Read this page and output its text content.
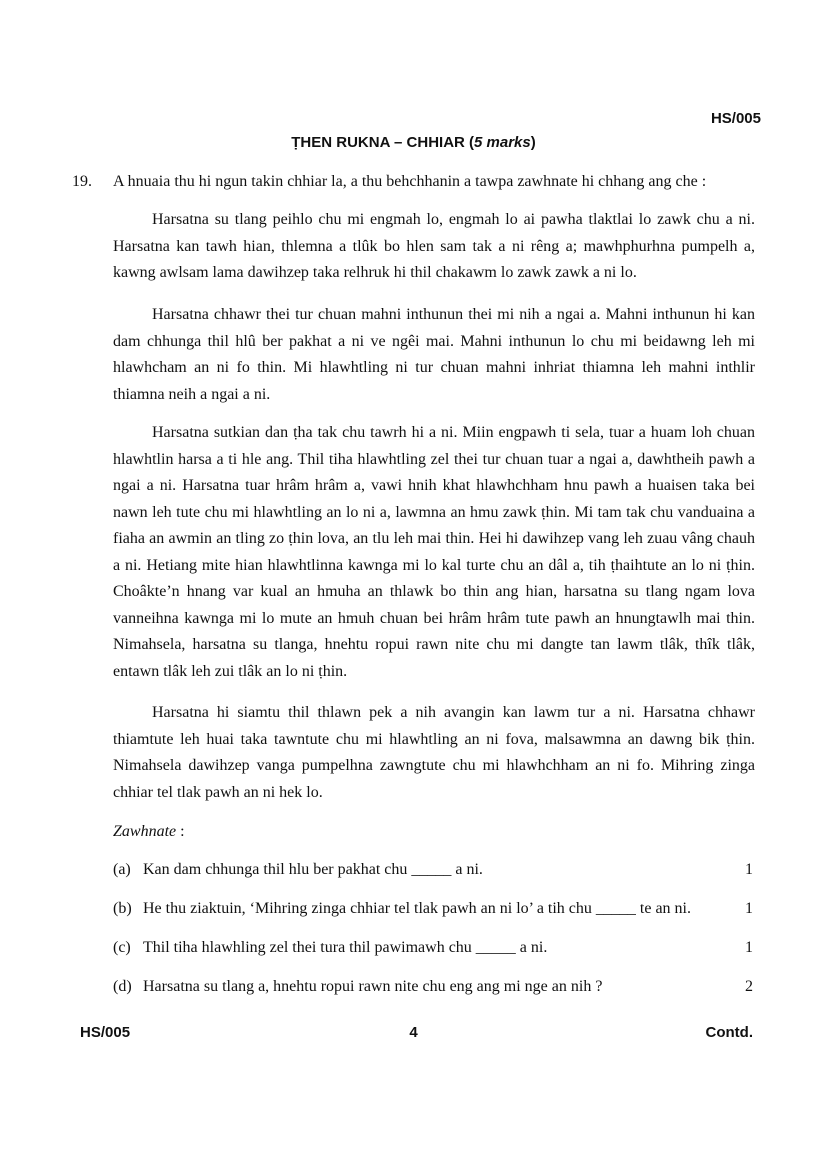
HS/005
ṬHEN RUKNA – CHHIAR (5 marks)
19. A hnuaia thu hi ngun takin chhiar la, a thu behchhanin a tawpa zawhnate hi chhang ang che :

Harsatna su tlang peihlo chu mi engmah lo, engmah lo ai pawha tlaktlai lo zawk chu a ni. Harsatna kan tawh hian, thlemna a tlûk bo hlen sam tak a ni rêng a; mawhphurhna pumpelh a, kawng awlsam lama dawihzep taka relhruk hi thil chakawm lo zawk zawk a ni lo.

Harsatna chhawr thei tur chuan mahni inthunun thei mi nih a ngai a. Mahni inthunun hi kan dam chhunga thil hlû ber pakhat a ni ve ngêi mai. Mahni inthunun lo chu mi beidawng leh mi hlawhcham an ni fo thin. Mi hlawhtling ni tur chuan mahni inhriat thiamna leh mahni inthlir thiamna neih a ngai a ni.

Harsatna sutkian dan ṭha tak chu tawrh hi a ni. Miin engpawh ti sela, tuar a huam loh chuan hlawhtlin harsa a ti hle ang. Thil tiha hlawhtling zel thei tur chuan tuar a ngai a, dawhtheih pawh a ngai a ni. Harsatna tuar hrâm hrâm a, vawi hnih khat hlawhchham hnu pawh a huaisen taka bei nawn leh tute chu mi hlawhtling an lo ni a, lawmna an hmu zawk ṭhin. Mi tam tak chu vanduaina a fiaha an awmin an tling zo ṭhin lova, an tlu leh mai thin. Hei hi dawihzep vang leh zuau vâng chauh a ni. Hetiang mite hian hlawhtlinna kawnga mi lo kal turte chu an dâl a, tih ṭhaihtute an lo ni ṭhin. Choâkte’n hnang var kual an hmuha an thlawk bo thin ang hian, harsatna su tlang ngam lova vanneihna kawnga mi lo mute an hmuh chuan bei hrâm hrâm tute pawh an hnungtawlh mai thin. Nimahsela, harsatna su tlanga, hnehtu ropui rawn nite chu mi dangte tan lawm tlâk, thîk tlâk, entawn tlâk leh zui tlâk an lo ni ṭhin.

Harsatna hi siamtu thil thlawn pek a nih avangin kan lawm tur a ni. Harsatna chhawr thiamtute leh huai taka tawntute chu mi hlawhtling an ni fova, malsawmna an dawng bik ṭhin. Nimahsela dawihzep vanga pumpelhna zawngtute chu mi hlawhchham an ni fo. Mihring zinga chhiar tel tlak pawh an ni hek lo.

Zawhnate :
(a) Kan dam chhunga thil hlu ber pakhat chu _____ a ni.	1
(b) He thu ziaktuin, ‘Mihring zinga chhiar tel tlak pawh an ni lo’ a tih chu _____ te an ni.	1
(c) Thil tiha hlawhling zel thei tura thil pawimawh chu _____ a ni.	1
(d) Harsatna su tlang a, hnehtu ropui rawn nite chu eng ang mi nge an nih ?	2
HS/005	4	Contd.
